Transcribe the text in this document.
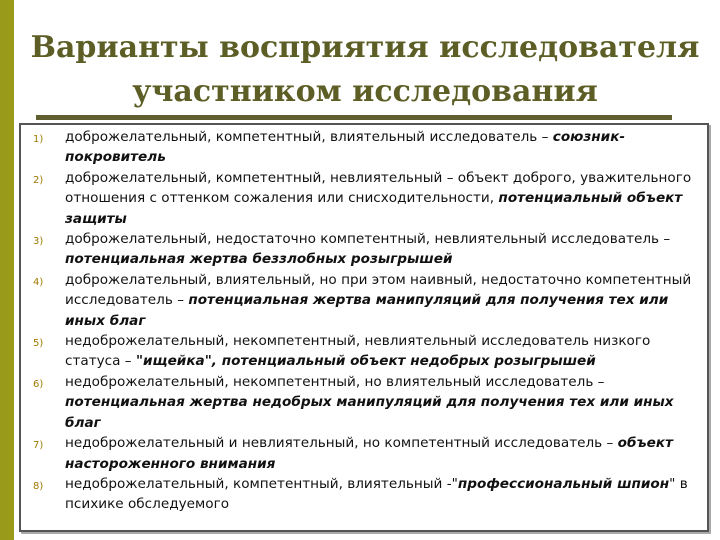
Варианты восприятия исследователя
участником исследования
1) доброжелательный, компетентный, влиятельный исследователь – союзник-покровитель
2) доброжелательный, компетентный, невлиятельный – объект доброго, уважительного отношения с оттенком сожаления или снисходительности, потенциальный объект защиты
3) доброжелательный, недостаточно компетентный, невлиятельный исследователь – потенциальная жертва беззлобных розыгрышей
4) доброжелательный, влиятельный, но при этом наивный, недостаточно компетентный исследователь – потенциальная жертва манипуляций для получения тех или иных благ
5) недоброжелательный, некомпетентный, невлиятельный исследователь низкого статуса – "ищейка", потенциальный объект недобрых розыгрышей
6) недоброжелательный, некомпетентный, но влиятельный исследователь – потенциальная жертва недобрых манипуляций для получения тех или иных благ
7) недоброжелательный и невлиятельный, но компетентный исследователь – объект настороженного внимания
8) недоброжелательный, компетентный, влиятельный -"профессиональный шпион" в психике обследуемого
